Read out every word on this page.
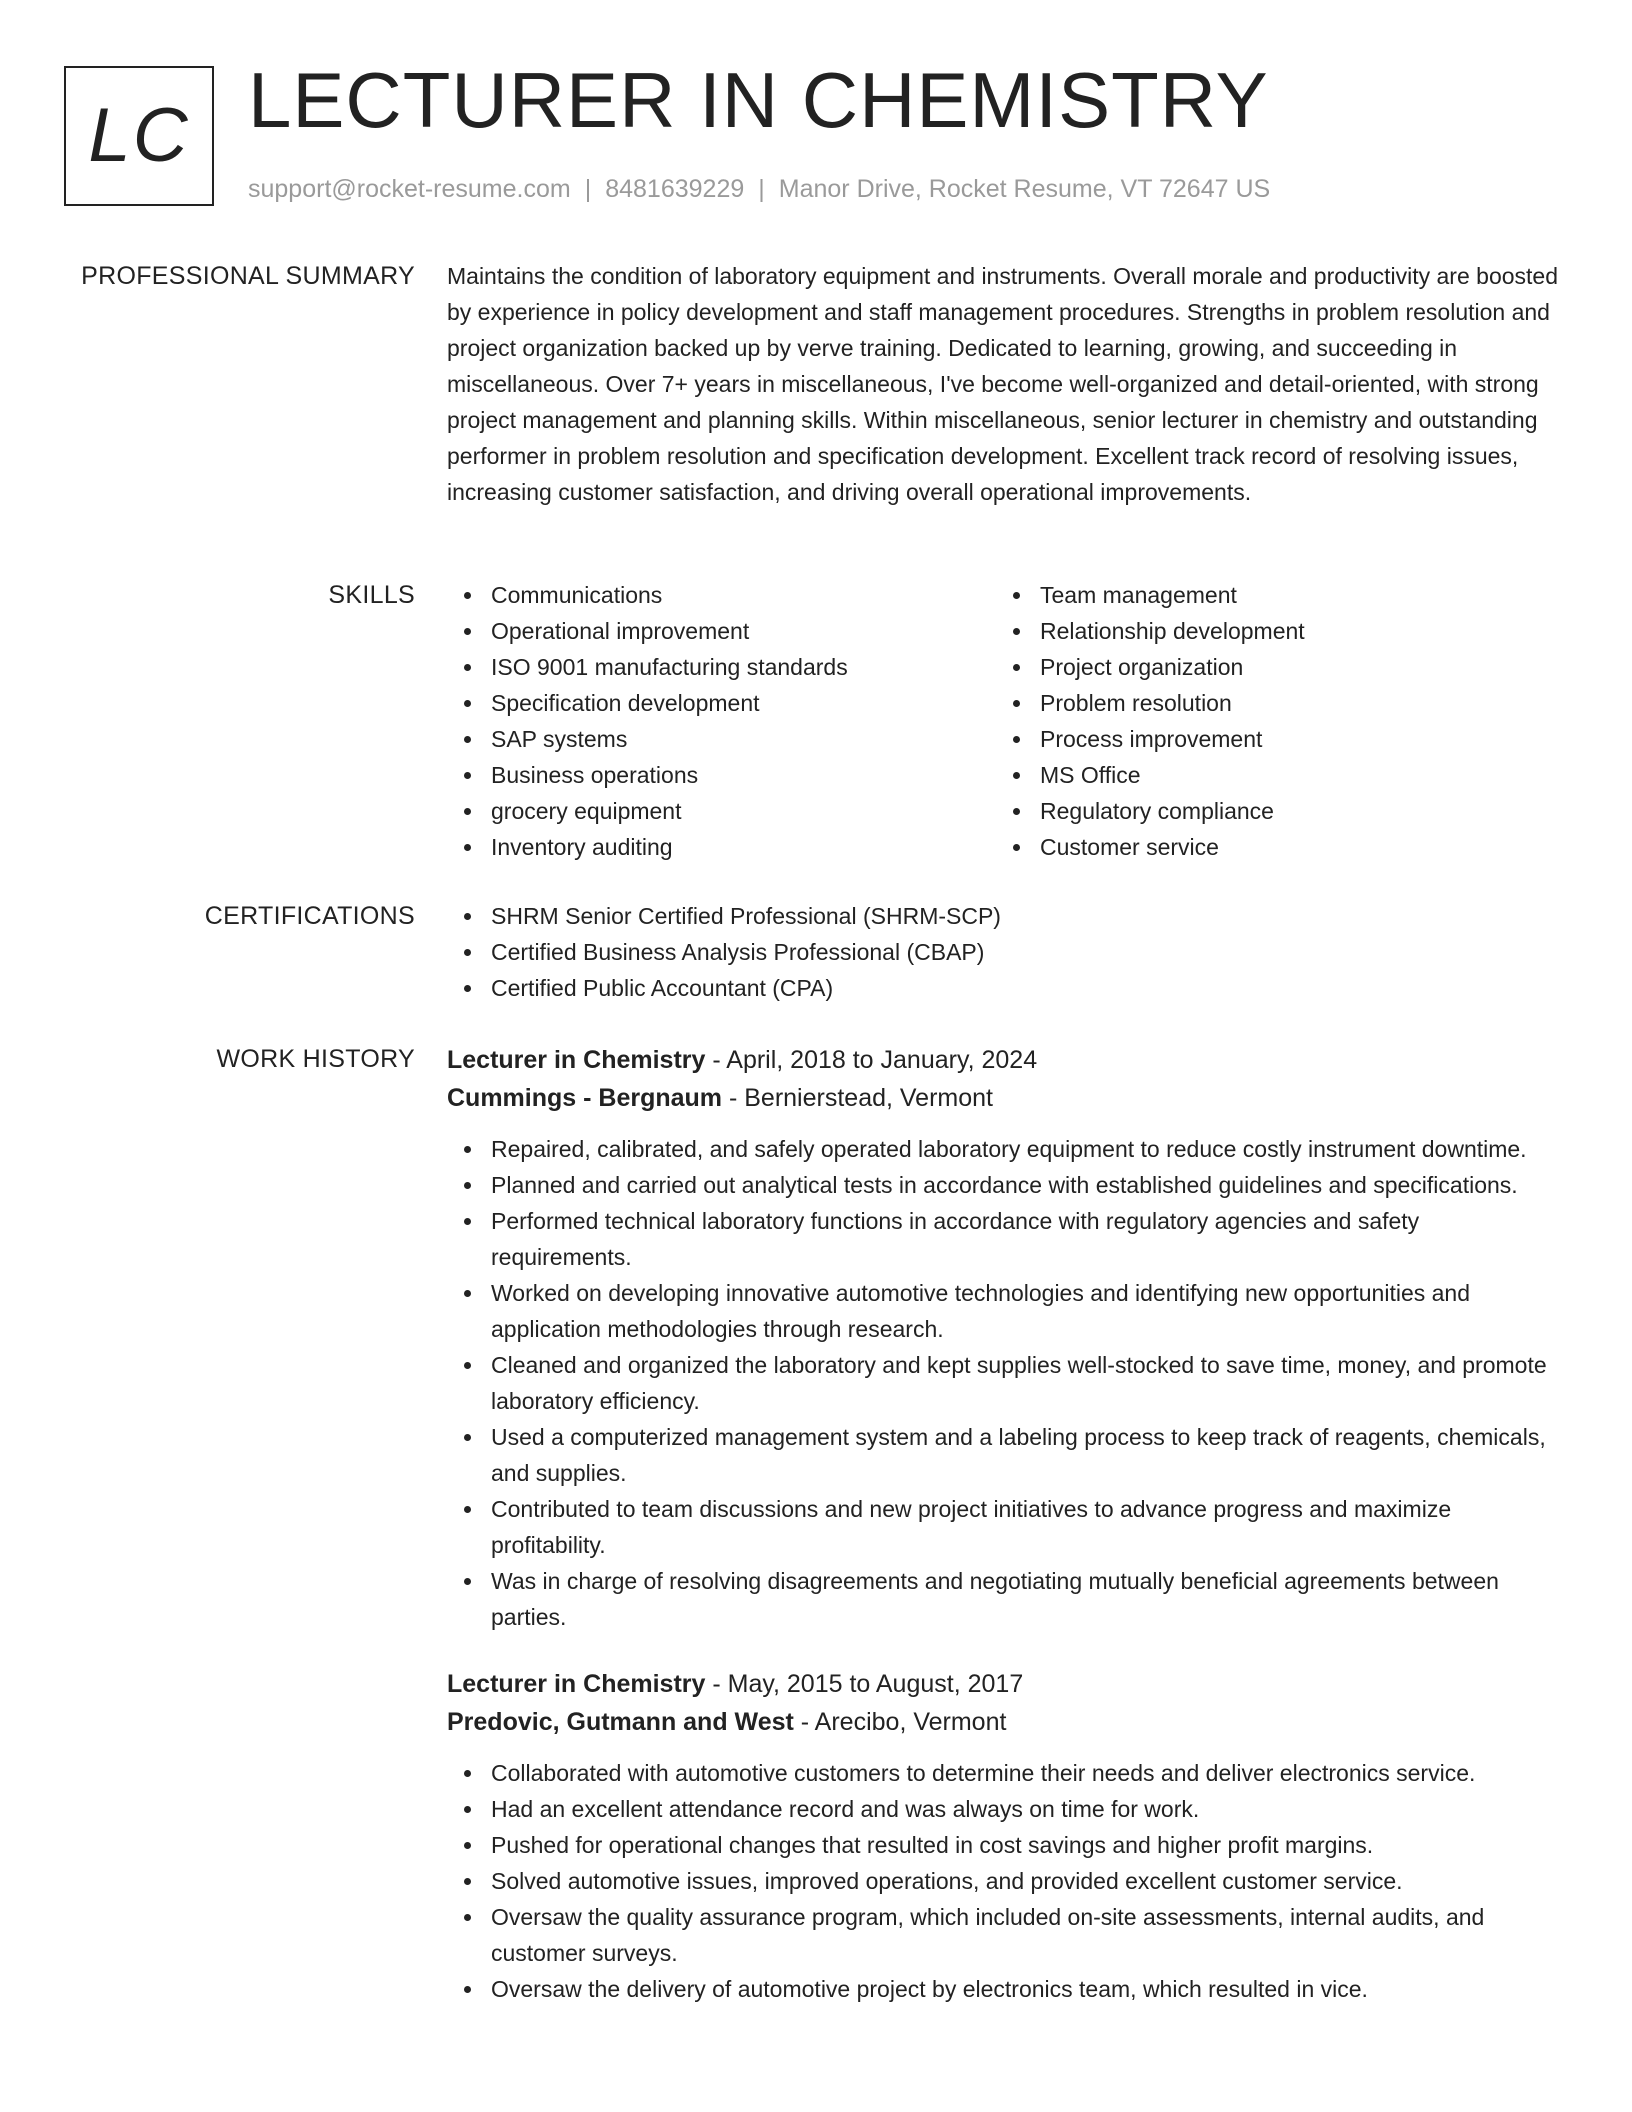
LC LECTURER IN CHEMISTRY
support@rocket-resume.com | 8481639229 | Manor Drive, Rocket Resume, VT 72647 US
PROFESSIONAL SUMMARY Maintains the condition of laboratory equipment and instruments. Overall morale and productivity are boosted by experience in policy development and staff management procedures. Strengths in problem resolution and project organization backed up by verve training. Dedicated to learning, growing, and succeeding in miscellaneous. Over 7+ years in miscellaneous, I've become well-organized and detail-oriented, with strong project management and planning skills. Within miscellaneous, senior lecturer in chemistry and outstanding performer in problem resolution and specification development. Excellent track record of resolving issues, increasing customer satisfaction, and driving overall operational improvements.

SKILLS	Communications
Operational improvement
ISO 9001 manufacturing standards
Specification development
SAP systems
Business operations
grocery equipment
Inventory auditing
Team management
Relationship development
Project organization
Problem resolution
Process improvement
MS Office
Regulatory compliance
Customer service
CERTIFICATIONS	SHRM Senior Certified Professional (SHRM-SCP)
Certified Business Analysis Professional (CBAP)
Certified Public Accountant (CPA)
WORK HISTORY Lecturer in Chemistry - April, 2018 to January, 2024
Cummings - Bergnaum - Bernierstead, Vermont
Repaired, calibrated, and safely operated laboratory equipment to reduce costly instrument downtime.
Planned and carried out analytical tests in accordance with established guidelines and specifications.
Performed technical laboratory functions in accordance with regulatory agencies and safety requirements.
Worked on developing innovative automotive technologies and identifying new opportunities and application methodologies through research.
Cleaned and organized the laboratory and kept supplies well-stocked to save time, money, and promote laboratory efficiency.
Used a computerized management system and a labeling process to keep track of reagents, chemicals, and supplies.
Contributed to team discussions and new project initiatives to advance progress and maximize profitability.
Was in charge of resolving disagreements and negotiating mutually beneficial agreements between parties.
Lecturer in Chemistry - May, 2015 to August, 2017
Predovic, Gutmann and West - Arecibo, Vermont
Collaborated with automotive customers to determine their needs and deliver electronics service.
Had an excellent attendance record and was always on time for work.
Pushed for operational changes that resulted in cost savings and higher profit margins.
Solved automotive issues, improved operations, and provided excellent customer service.
Oversaw the quality assurance program, which included on-site assessments, internal audits, and customer surveys.
Oversaw the delivery of automotive project by electronics team, which resulted in vice.
